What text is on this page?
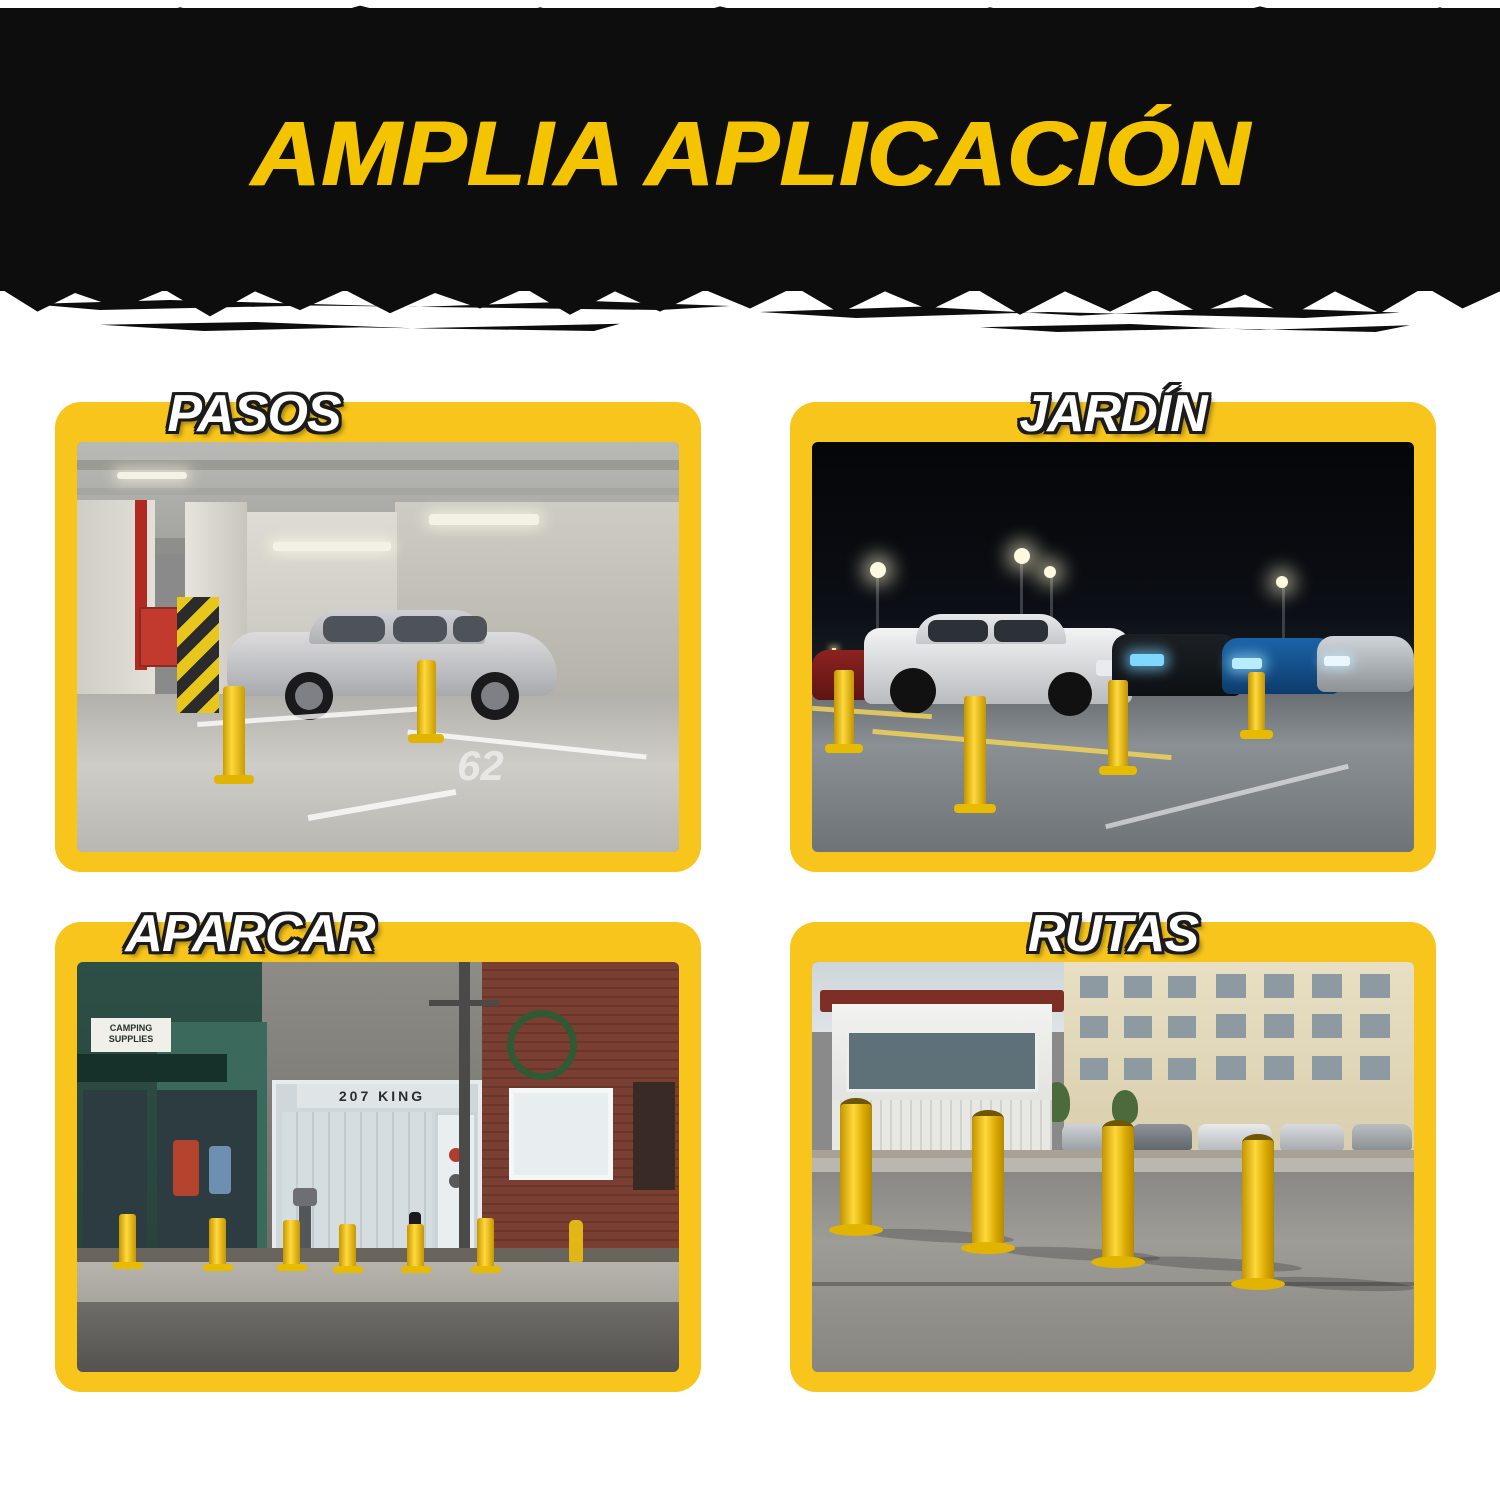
AMPLIA APLICACIÓN
62
PASOS	JARDÍN
CAMPING SUPPLIES
207 KING
APARCAR	RUTAS
